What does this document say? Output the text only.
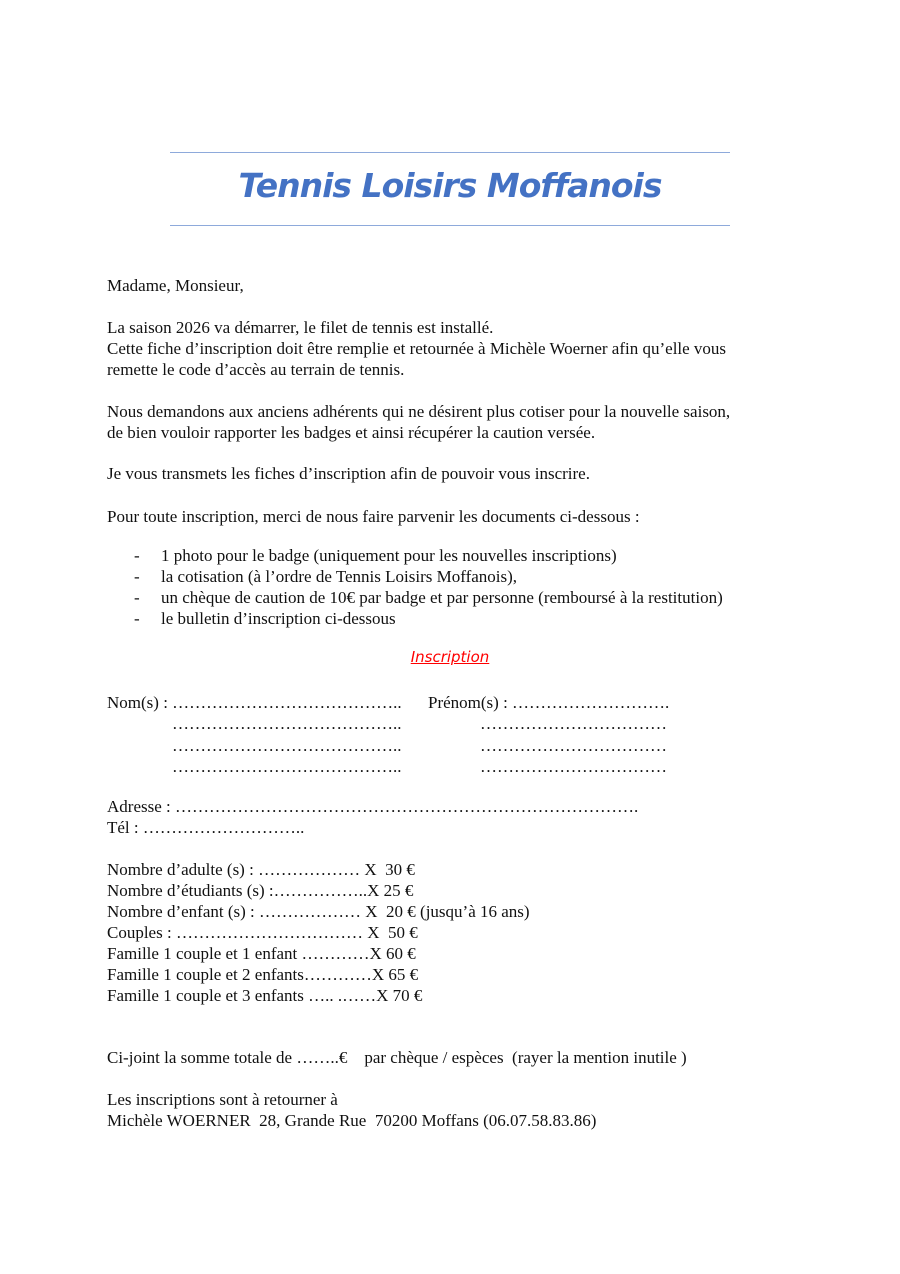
Tennis Loisirs Moffanois
Madame, Monsieur,
La saison 2026 va démarrer, le filet de tennis est installé.
Cette fiche d’inscription doit être remplie et retournée à Michèle Woerner afin qu’elle vous
remette le code d’accès au terrain de tennis.
Nous demandons aux anciens adhérents qui ne désirent plus cotiser pour la nouvelle saison,
de bien vouloir rapporter les badges et ainsi récupérer la caution versée.
Je vous transmets les fiches d’inscription afin de pouvoir vous inscrire.
Pour toute inscription, merci de nous faire parvenir les documents ci-dessous :
- 1 photo pour le badge (uniquement pour les nouvelles inscriptions)
- la cotisation (à l’ordre de Tennis Loisirs Moffanois),
- un chèque de caution de 10€ par badge et par personne (remboursé à la restitution)
- le bulletin d’inscription ci-dessous
Inscription
Nom(s) : ………………………………….. Prénom(s) : ……………………….
…………………………………..	……………………………
…………………………………..	……………………………
…………………………………..	……………………………
Adresse : ……………………………………………………………………….
Tél : ………………………..
Nombre d’adulte (s) : ……………… X  30 €
Nombre d’étudiants (s) :……………..X 25 €
Nombre d’enfant (s) : ……………… X  20 € (jusqu’à 16 ans)
Couples : …………………………… X  50 €
Famille 1 couple et 1 enfant …………X 60 €
Famille 1 couple et 2 enfants…………X 65 €
Famille 1 couple et 3 enfants ….. .……X 70 €
Ci-joint la somme totale de ……..€    par chèque / espèces  (rayer la mention inutile )
Les inscriptions sont à retourner à
Michèle WOERNER  28, Grande Rue  70200 Moffans (06.07.58.83.86)
